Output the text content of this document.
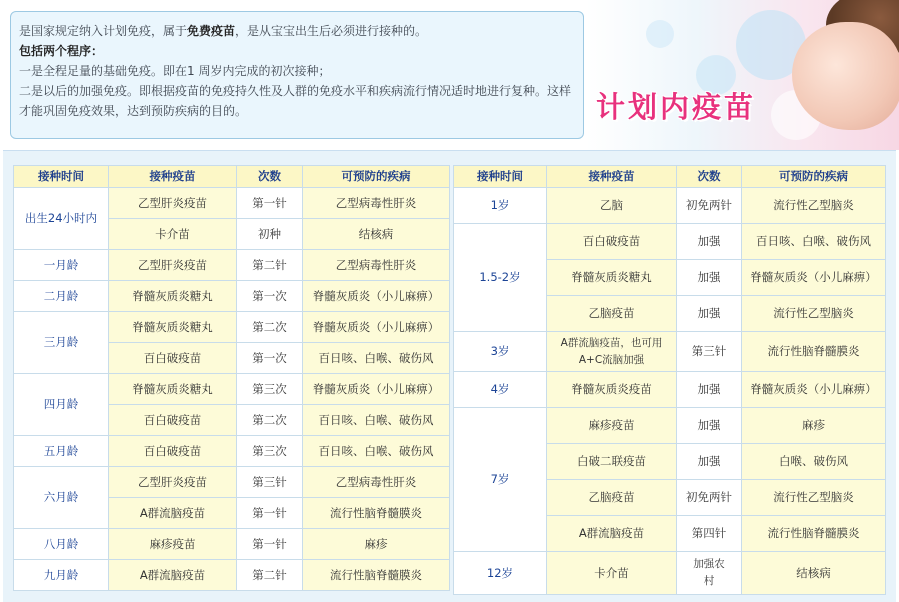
是国家规定纳入计划免疫，属于免费疫苗，是从宝宝出生后必须进行接种的。

包括两个程序：

一是全程足量的基础免疫。即在1 周岁内完成的初次接种；

二是以后的加强免疫。即根据疫苗的免疫持久性及人群的免疫水平和疾病流行情况适时地进行复种。这样

才能巩固免疫效果，达到预防疾病的目的。	计划内疫苗
接种时间	接种疫苗	次数	可预防的疾病
出生24小时内	乙型肝炎疫苗	第一针	乙型病毒性肝炎
	卡介苗	初种	结核病
一月龄	乙型肝炎疫苗	第二针	乙型病毒性肝炎
二月龄	脊髓灰质炎糖丸	第一次	脊髓灰质炎（小儿麻痹）
三月龄	脊髓灰质炎糖丸	第二次	脊髓灰质炎（小儿麻痹）
	百白破疫苗	第一次	百日咳、白喉、破伤风
四月龄	脊髓灰质炎糖丸	第三次	脊髓灰质炎（小儿麻痹）
	百白破疫苗	第二次	百日咳、白喉、破伤风
五月龄	百白破疫苗	第三次	百日咳、白喉、破伤风
六月龄	乙型肝炎疫苗	第三针	乙型病毒性肝炎
	A群流脑疫苗	第一针	流行性脑脊髓膜炎
八月龄	麻疹疫苗	第一针	麻疹
九月龄	A群流脑疫苗	第二针	流行性脑脊髓膜炎
接种时间	接种疫苗	次数	可预防的疾病
1岁	乙脑	初免两针	流行性乙型脑炎
1.5-2岁	百白破疫苗	加强	百日咳、白喉、破伤风
	脊髓灰质炎糖丸	加强	脊髓灰质炎（小儿麻痹）
	乙脑疫苗	加强	流行性乙型脑炎
3岁	A群流脑疫苗，也可用A+C流脑加强	第三针	流行性脑脊髓膜炎
4岁	脊髓灰质炎疫苗	加强	脊髓灰质炎（小儿麻痹）
7岁	麻疹疫苗	加强	麻疹
	白破二联疫苗	加强	白喉、破伤风
	乙脑疫苗	初免两针	流行性乙型脑炎
	A群流脑疫苗	第四针	流行性脑脊髓膜炎
12岁	卡介苗	加强农村	结核病
